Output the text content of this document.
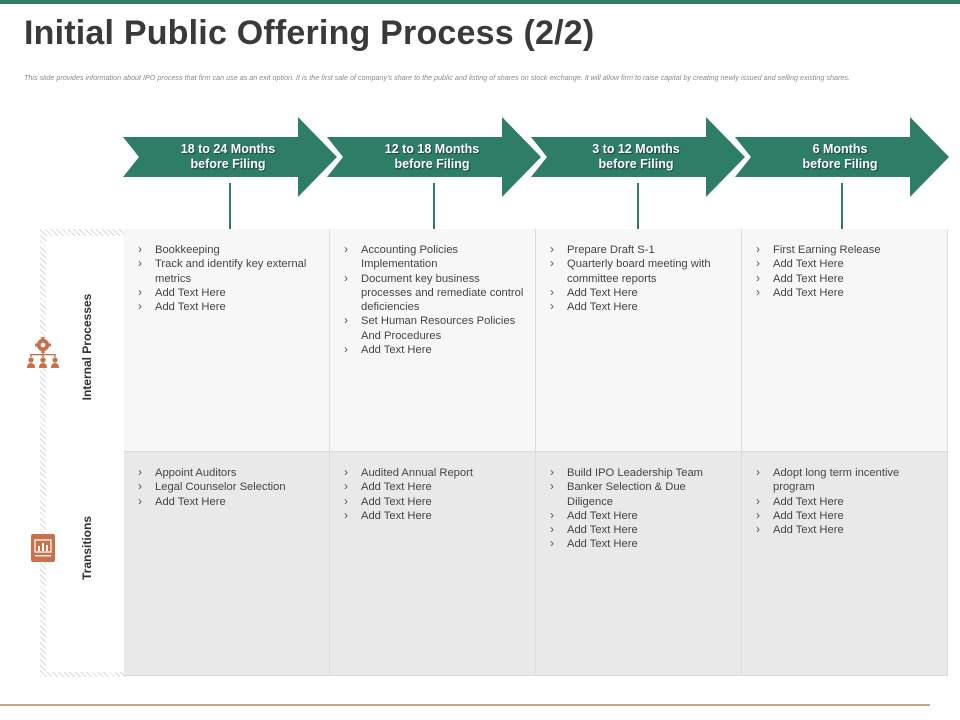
Initial Public Offering Process (2/2)
This slide provides information about IPO process that firm can use as an exit option. It is the first sale of company's share to the public and listing of shares on stock exchange. It will allow firm to raise capital by creating newly issued and selling existing shares.
18 to 24 Months
before Filing
12 to 18 Months
before Filing
3 to 12 Months
before Filing
6 Months
before Filing
Internal Processes
Transitions
› Bookkeeping
› Track and identify key external metrics
› Add Text Here
› Add Text Here
› Accounting Policies Implementation
› Document key business processes and remediate control deficiencies
› Set Human Resources Policies And Procedures
› Add Text Here
› Prepare Draft S-1
› Quarterly board meeting with committee reports
› Add Text Here
› Add Text Here
› First Earning Release
› Add Text Here
› Add Text Here
› Add Text Here
› Appoint Auditors
› Legal Counselor Selection
› Add Text Here
› Audited Annual Report
› Add Text Here
› Add Text Here
› Add Text Here
› Build IPO Leadership Team
› Banker Selection & Due Diligence
› Add Text Here
› Add Text Here
› Add Text Here
› Adopt long term incentive program
› Add Text Here
› Add Text Here
› Add Text Here
